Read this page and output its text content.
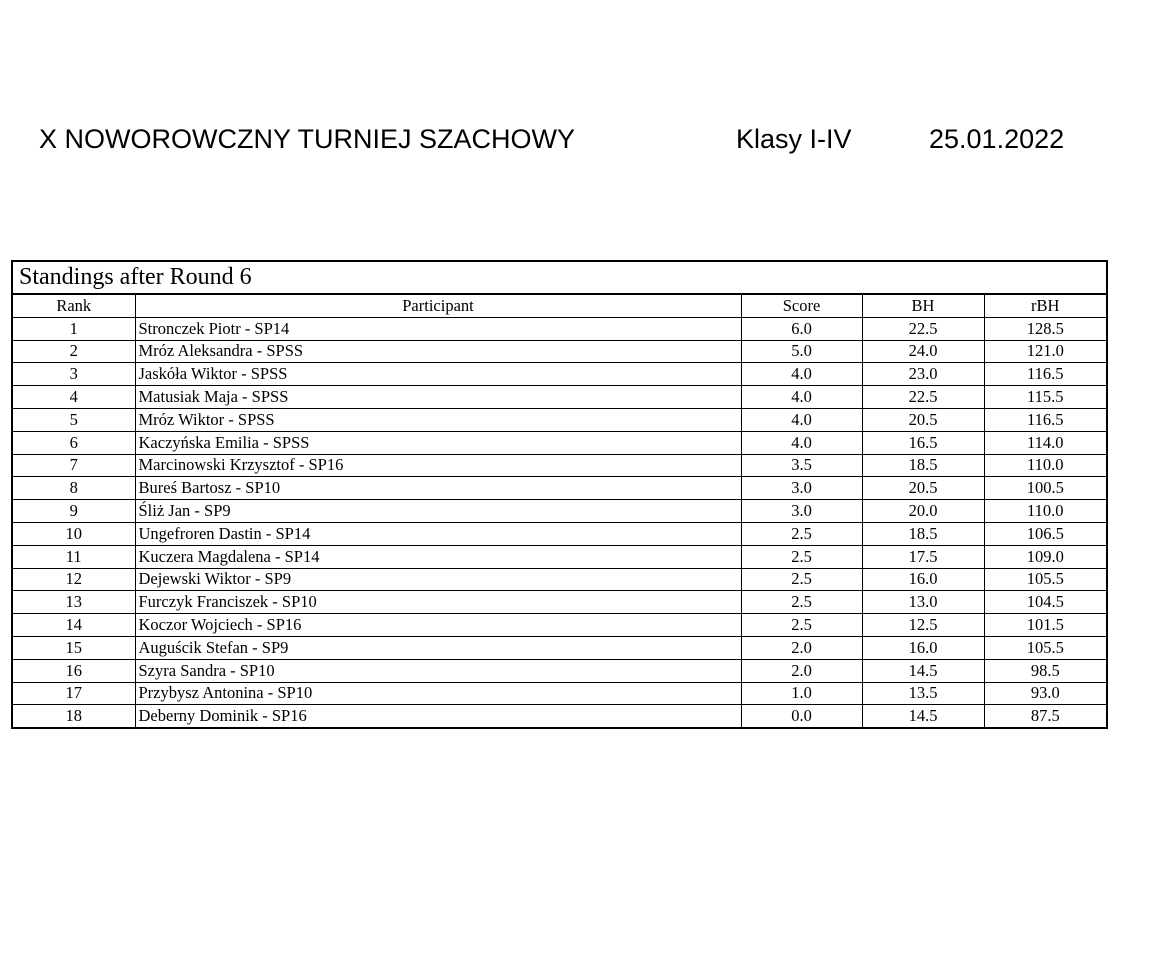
X NOWOROWCZNY TURNIEJ SZACHOWY	Klasy I-IV	25.01.2022
Standings after Round 6
Rank	Participant	Score	BH	rBH
1	Stronczek Piotr - SP14	6.0	22.5	128.5
2	Mróz Aleksandra - SPSS	5.0	24.0	121.0
3	Jaskóła Wiktor - SPSS	4.0	23.0	116.5
4	Matusiak Maja - SPSS	4.0	22.5	115.5
5	Mróz Wiktor - SPSS	4.0	20.5	116.5
6	Kaczyńska Emilia - SPSS	4.0	16.5	114.0
7	Marcinowski Krzysztof - SP16	3.5	18.5	110.0
8	Bureś Bartosz - SP10	3.0	20.5	100.5
9	Śliż Jan - SP9	3.0	20.0	110.0
10	Ungefroren Dastin - SP14	2.5	18.5	106.5
11	Kuczera Magdalena - SP14	2.5	17.5	109.0
12	Dejewski Wiktor - SP9	2.5	16.0	105.5
13	Furczyk Franciszek - SP10	2.5	13.0	104.5
14	Koczor Wojciech - SP16	2.5	12.5	101.5
15	Auguścik Stefan - SP9	2.0	16.0	105.5
16	Szyra Sandra - SP10	2.0	14.5	98.5
17	Przybysz Antonina - SP10	1.0	13.5	93.0
18	Deberny Dominik - SP16	0.0	14.5	87.5
